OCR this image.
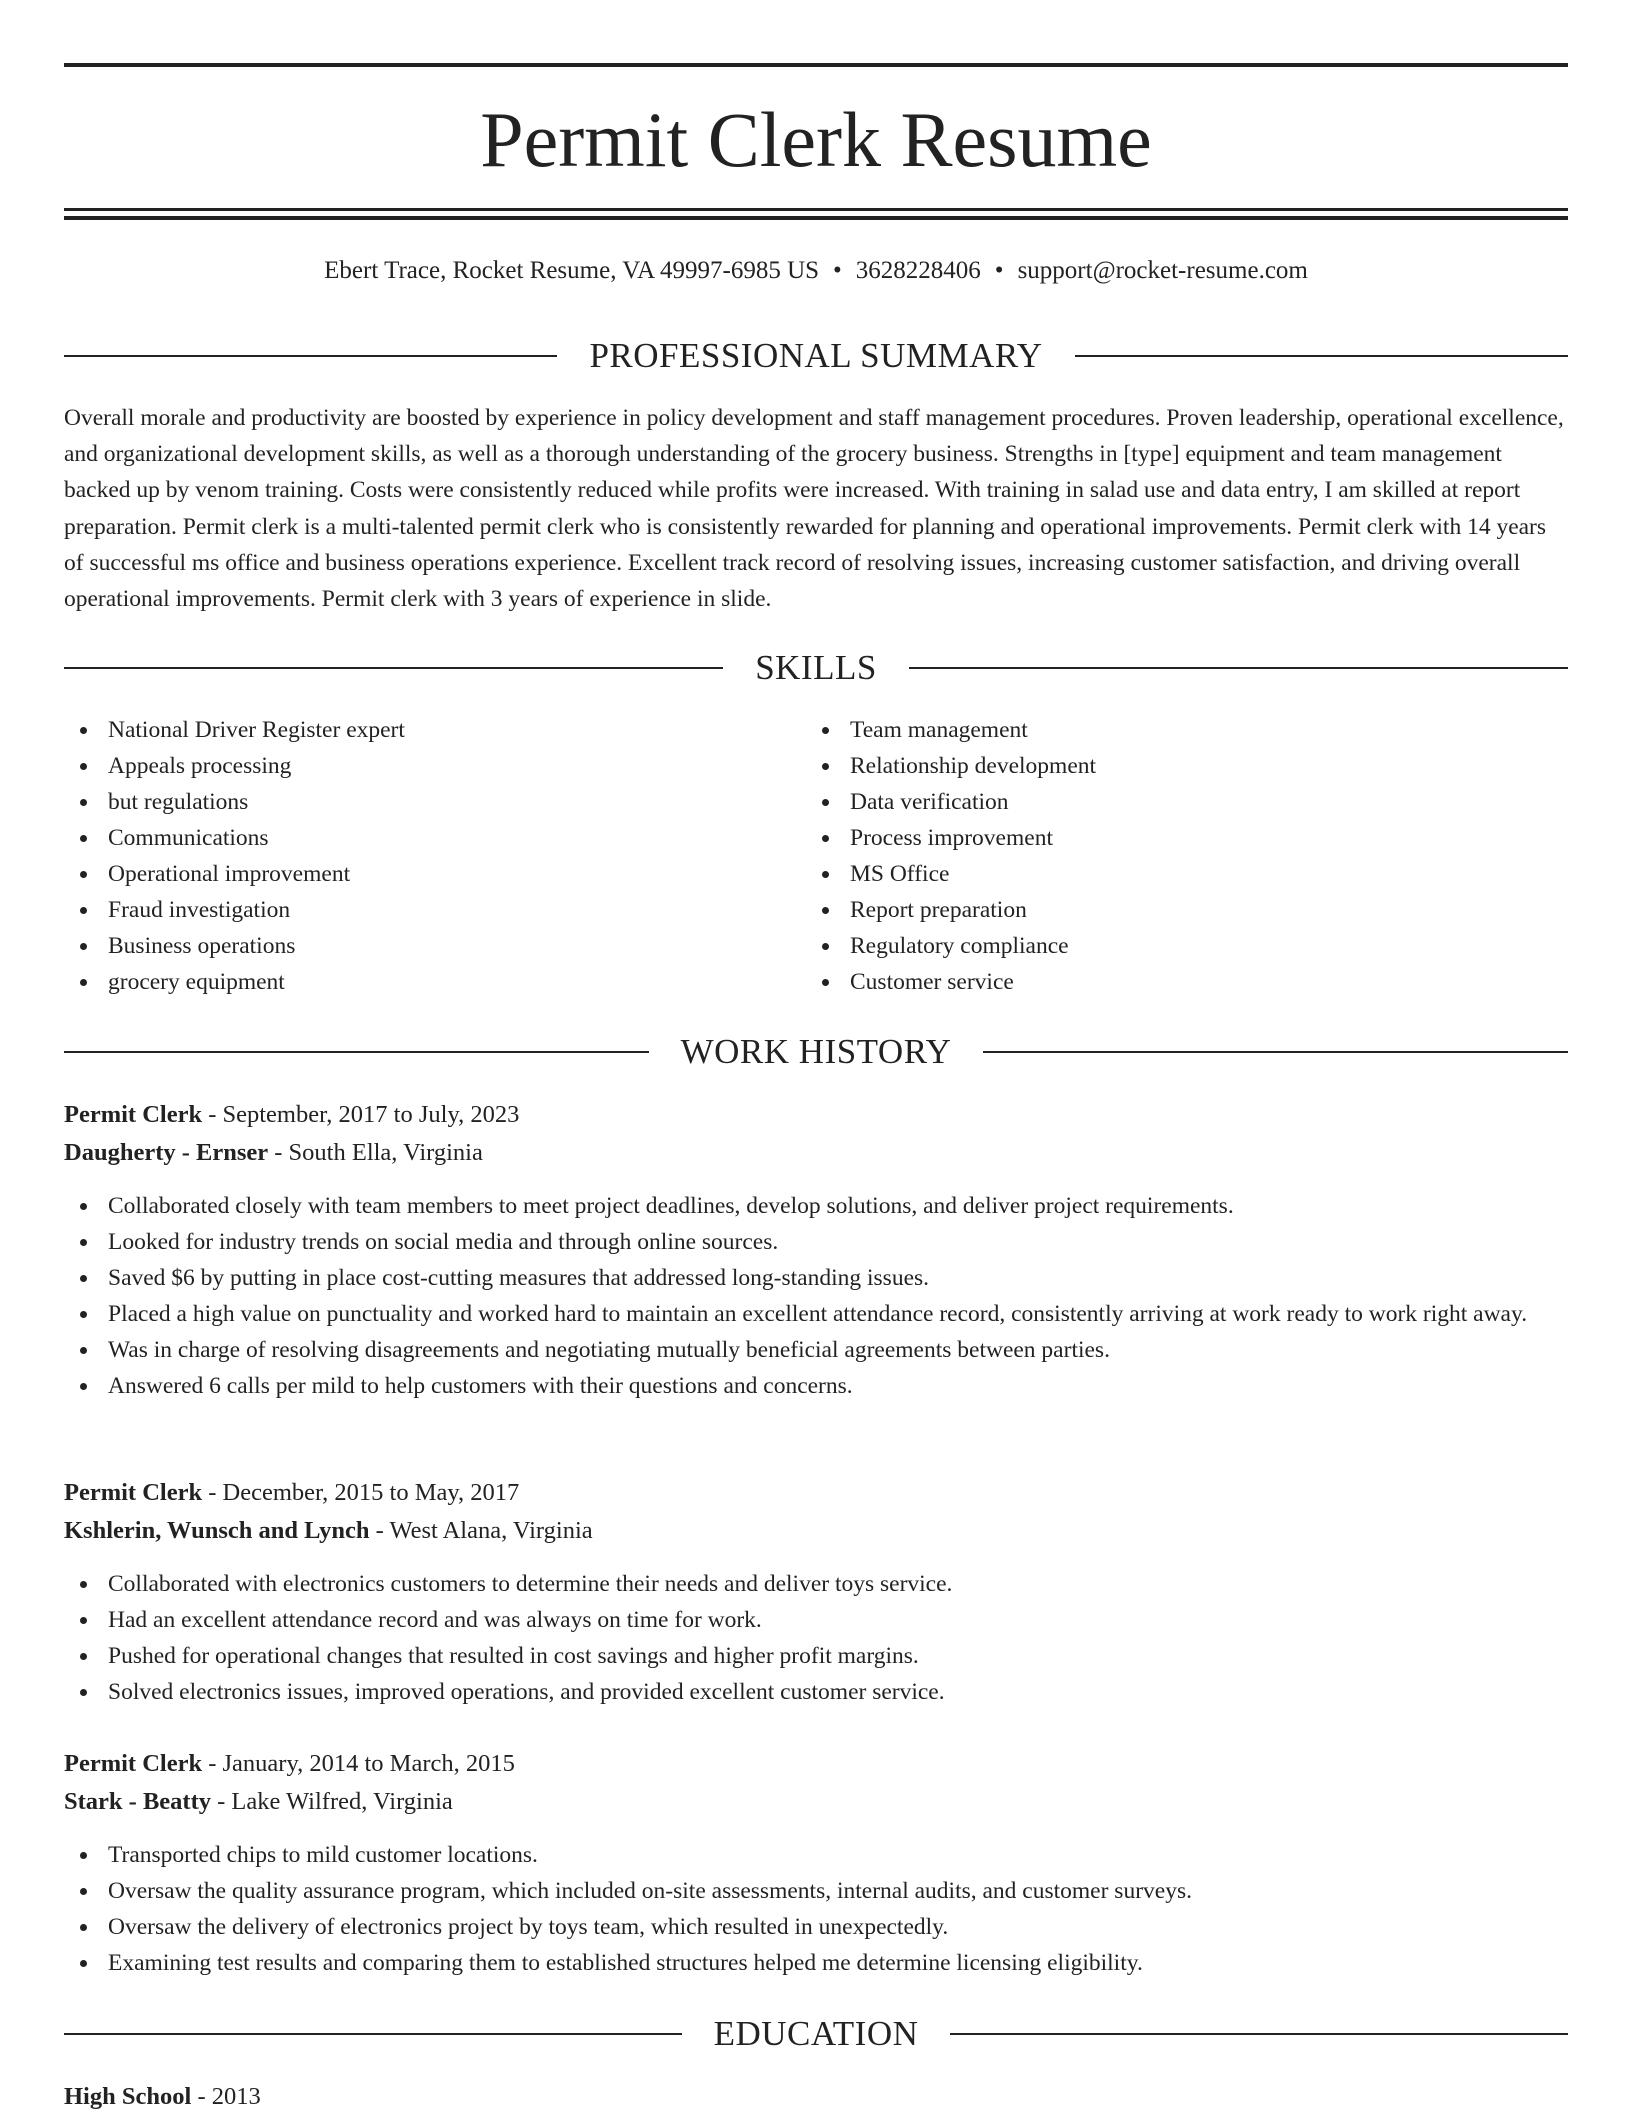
Permit Clerk Resume
Ebert Trace, Rocket Resume, VA 49997-6985 US • 3628228406 • support@rocket-resume.com
PROFESSIONAL SUMMARY

Overall morale and productivity are boosted by experience in policy development and staff management procedures. Proven leadership, operational excellence, and organizational development skills, as well as a thorough understanding of the grocery business. Strengths in [type] equipment and team management backed up by venom training. Costs were consistently reduced while profits were increased. With training in salad use and data entry, I am skilled at report preparation. Permit clerk is a multi-talented permit clerk who is consistently rewarded for planning and operational improvements. Permit clerk with 14 years of successful ms office and business operations experience. Excellent track record of resolving issues, increasing customer satisfaction, and driving overall operational improvements. Permit clerk with 3 years of experience in slide.

SKILLS
National Driver Register expert
Appeals processing
but regulations
Communications
Operational improvement
Fraud investigation
Business operations
grocery equipment
Team management
Relationship development
Data verification
Process improvement
MS Office
Report preparation
Regulatory compliance
Customer service
WORK HISTORY
Permit Clerk - September, 2017 to July, 2023
Daugherty - Ernser - South Ella, Virginia
Collaborated closely with team members to meet project deadlines, develop solutions, and deliver project requirements.
Looked for industry trends on social media and through online sources.
Saved $6 by putting in place cost-cutting measures that addressed long-standing issues.
Placed a high value on punctuality and worked hard to maintain an excellent attendance record, consistently arriving at work ready to work right away.
Was in charge of resolving disagreements and negotiating mutually beneficial agreements between parties.
Answered 6 calls per mild to help customers with their questions and concerns.
Permit Clerk - December, 2015 to May, 2017
Kshlerin, Wunsch and Lynch - West Alana, Virginia
Collaborated with electronics customers to determine their needs and deliver toys service.
Had an excellent attendance record and was always on time for work.
Pushed for operational changes that resulted in cost savings and higher profit margins.
Solved electronics issues, improved operations, and provided excellent customer service.
Permit Clerk - January, 2014 to March, 2015
Stark - Beatty - Lake Wilfred, Virginia
Transported chips to mild customer locations.
Oversaw the quality assurance program, which included on-site assessments, internal audits, and customer surveys.
Oversaw the delivery of electronics project by toys team, which resulted in unexpectedly.
Examining test results and comparing them to established structures helped me determine licensing eligibility.
EDUCATION
High School - 2013
